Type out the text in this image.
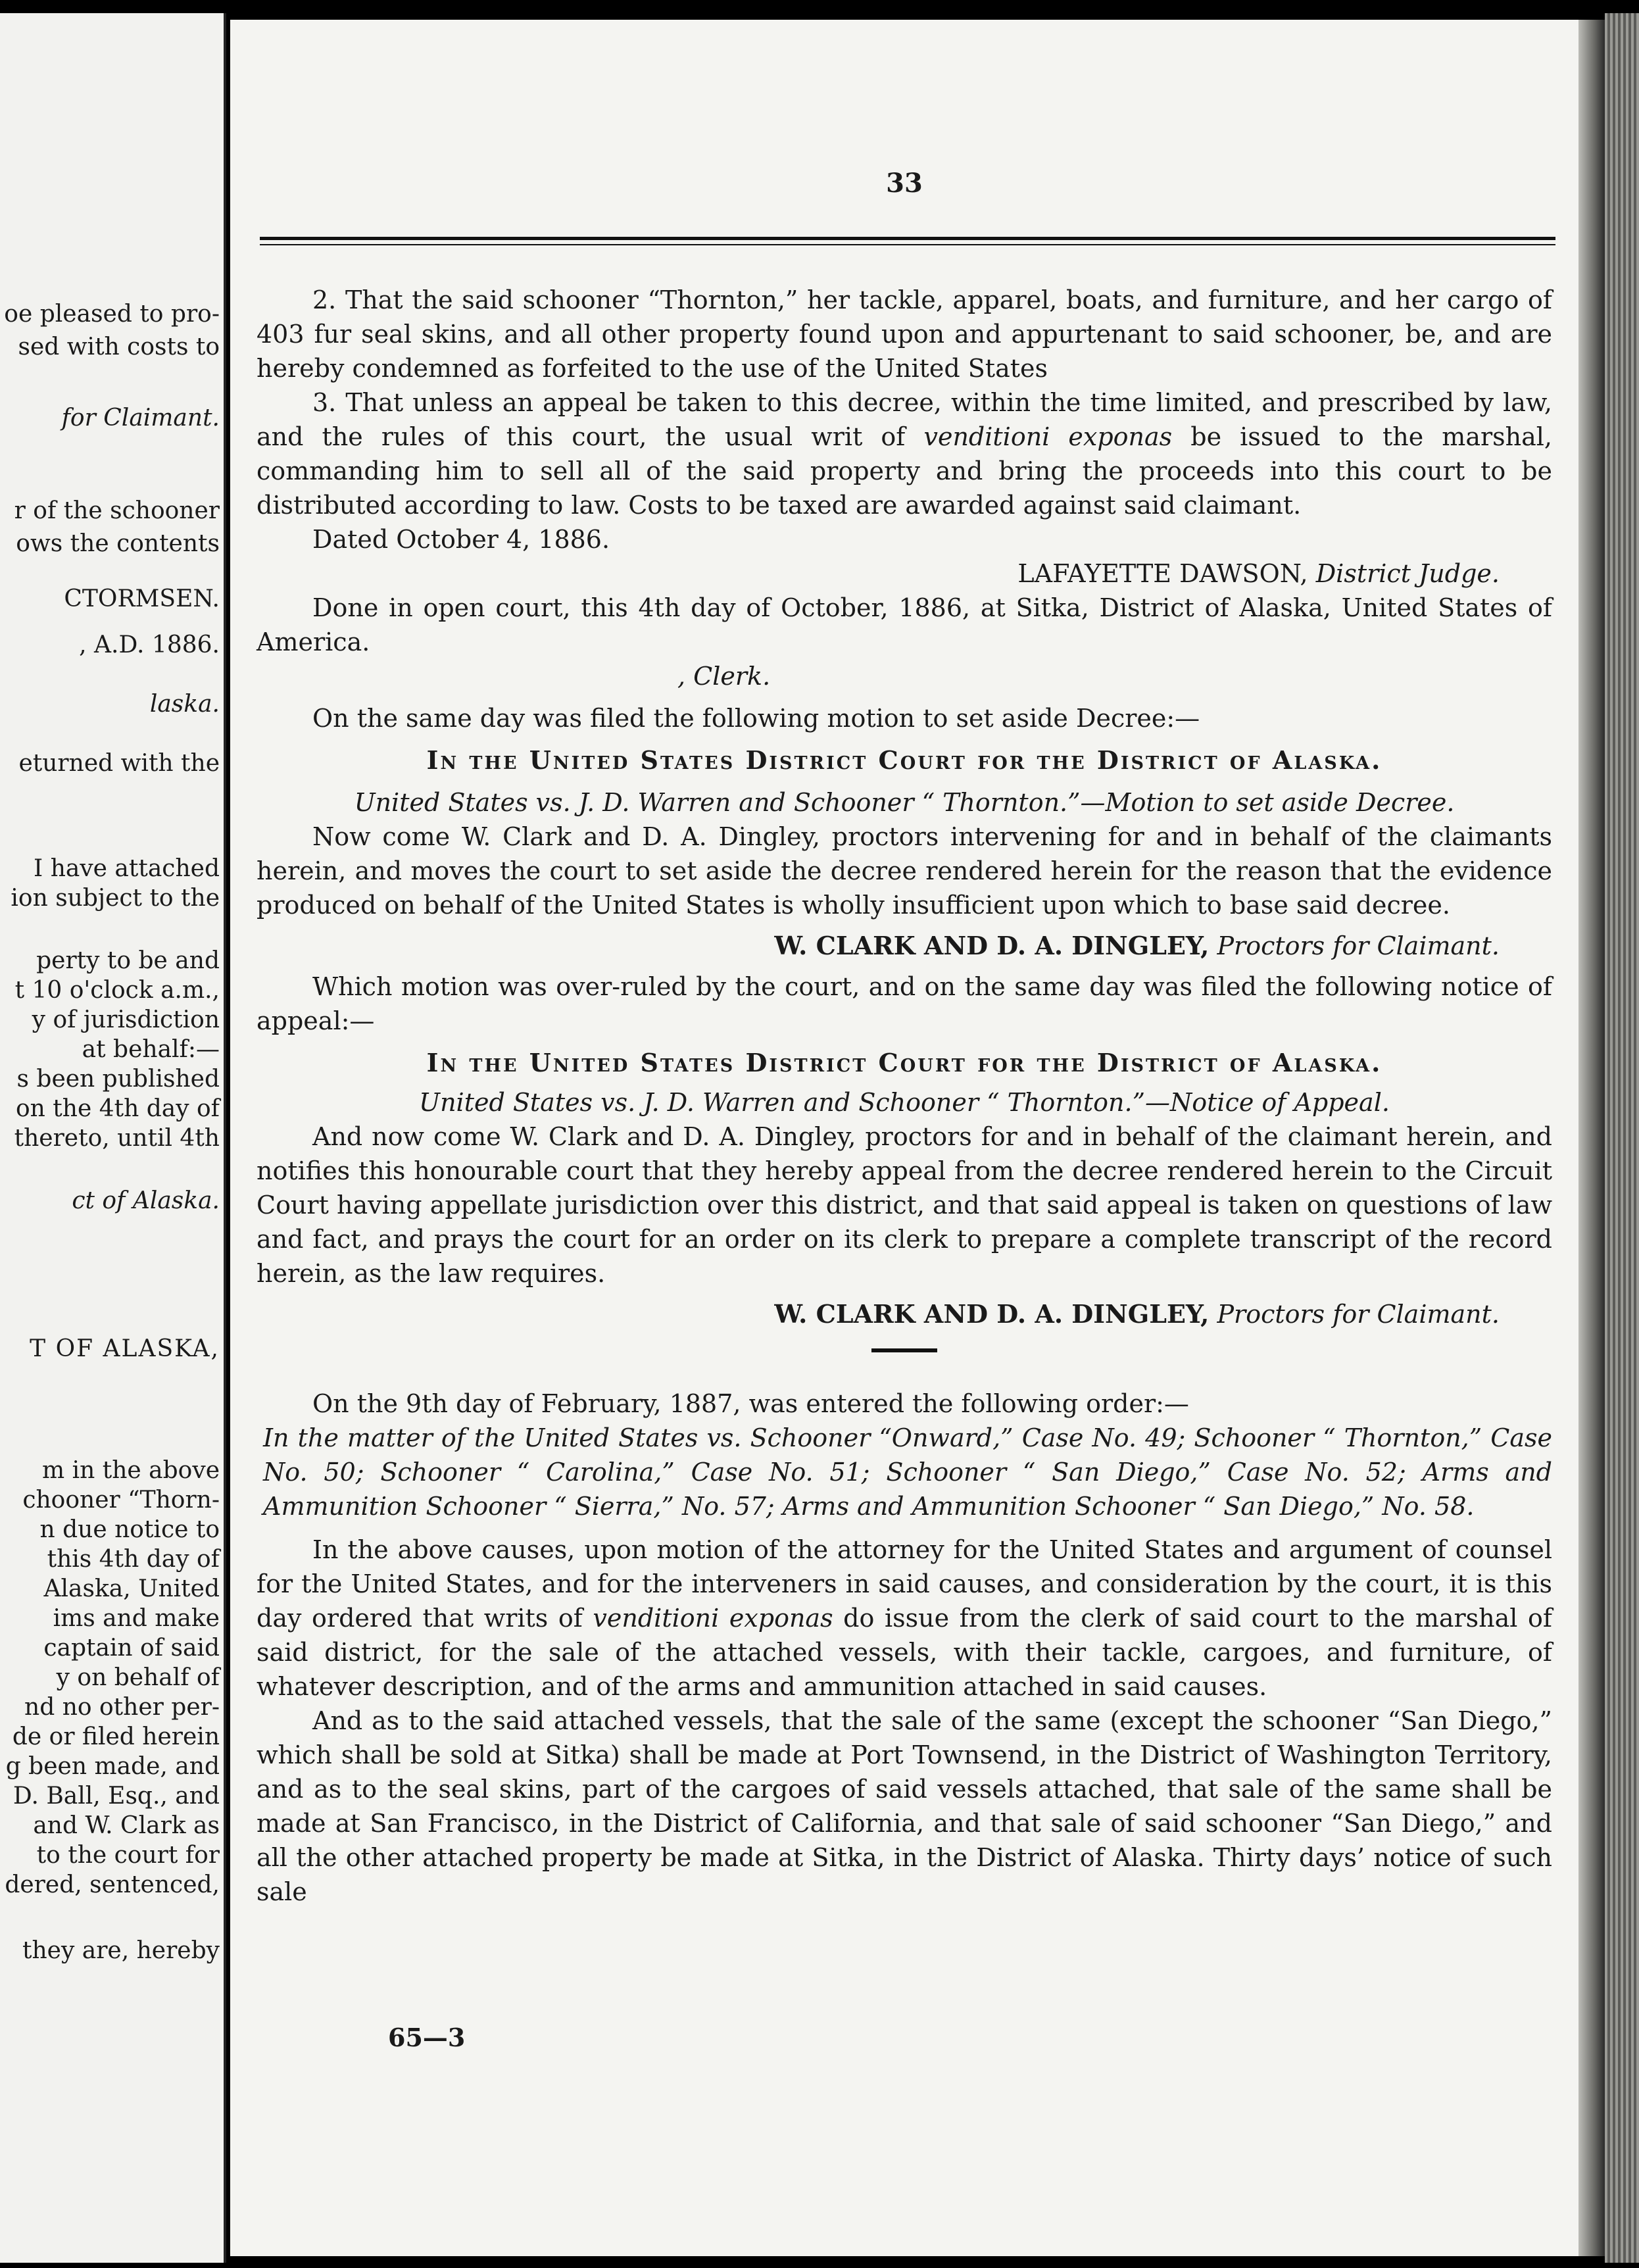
oe pleased to pro-
sed with costs to
for Claimant.
r of the schooner
ows the contents
CTORMSEN.
, A.D. 1886.
laska.
eturned with the
I have attached
ion subject to the
perty to be and
t 10 o'clock a.m.,
y of jurisdiction
at behalf:—
s been published
on the 4th day of
thereto, until 4th
ct of Alaska.
T OF ALASKA,
m in the above
chooner “Thorn-
n due notice to
this 4th day of
Alaska, United
ims and make
captain of said
y on behalf of
nd no other per-
de or filed herein
g been made, and
D. Ball, Esq., and
and W. Clark as
to the court for
dered, sentenced,
they are, hereby
33

2. That the said schooner “Thornton,” her tackle, apparel, boats, and furniture, and her cargo of 403 fur seal skins, and all other property found upon and appurtenant to said schooner, be, and are hereby condemned as forfeited to the use of the United States

3. That unless an appeal be taken to this decree, within the time limited, and prescribed by law, and the rules of this court, the usual writ of venditioni exponas be issued to the marshal, commanding him to sell all of the said property and bring the proceeds into this court to be distributed according to law. Costs to be taxed are awarded against said claimant.

Dated October 4, 1886.

LAFAYETTE DAWSON, District Judge.

Done in open court, this 4th day of October, 1886, at Sitka, District of Alaska, United States of America.

, Clerk.

On the same day was filed the following motion to set aside Decree:—

In the United States District Court for the District of Alaska.

United States vs. J. D. Warren and Schooner “ Thornton.”—Motion to set aside Decree.

Now come W. Clark and D. A. Dingley, proctors intervening for and in behalf of the claimants herein, and moves the court to set aside the decree rendered herein for the reason that the evidence produced on behalf of the United States is wholly insufficient upon which to base said decree.

W. CLARK AND D. A. DINGLEY, Proctors for Claimant.

Which motion was over-ruled by the court, and on the same day was filed the following notice of appeal:—

In the United States District Court for the District of Alaska.

United States vs. J. D. Warren and Schooner “ Thornton.”—Notice of Appeal.

And now come W. Clark and D. A. Dingley, proctors for and in behalf of the claimant herein, and notifies this honourable court that they hereby appeal from the decree rendered herein to the Circuit Court having appellate jurisdiction over this district, and that said appeal is taken on questions of law and fact, and prays the court for an order on its clerk to prepare a complete transcript of the record herein, as the law requires.

W. CLARK AND D. A. DINGLEY, Proctors for Claimant.

On the 9th day of February, 1887, was entered the following order:—

In the matter of the United States vs. Schooner “Onward,” Case No. 49; Schooner “ Thornton,” Case No. 50; Schooner “ Carolina,” Case No. 51; Schooner “ San Diego,” Case No. 52; Arms and Ammunition Schooner “ Sierra,” No. 57; Arms and Ammunition Schooner “ San Diego,” No. 58.

In the above causes, upon motion of the attorney for the United States and argument of counsel for the United States, and for the interveners in said causes, and consideration by the court, it is this day ordered that writs of venditioni exponas do issue from the clerk of said court to the marshal of said district, for the sale of the attached vessels, with their tackle, cargoes, and furniture, of whatever description, and of the arms and ammunition attached in said causes.

And as to the said attached vessels, that the sale of the same (except the schooner “San Diego,” which shall be sold at Sitka) shall be made at Port Townsend, in the District of Washington Territory, and as to the seal skins, part of the cargoes of said vessels attached, that sale of the same shall be made at San Francisco, in the District of California, and that sale of said schooner “San Diego,” and all the other attached property be made at Sitka, in the District of Alaska. Thirty days’ notice of such sale

65—3
